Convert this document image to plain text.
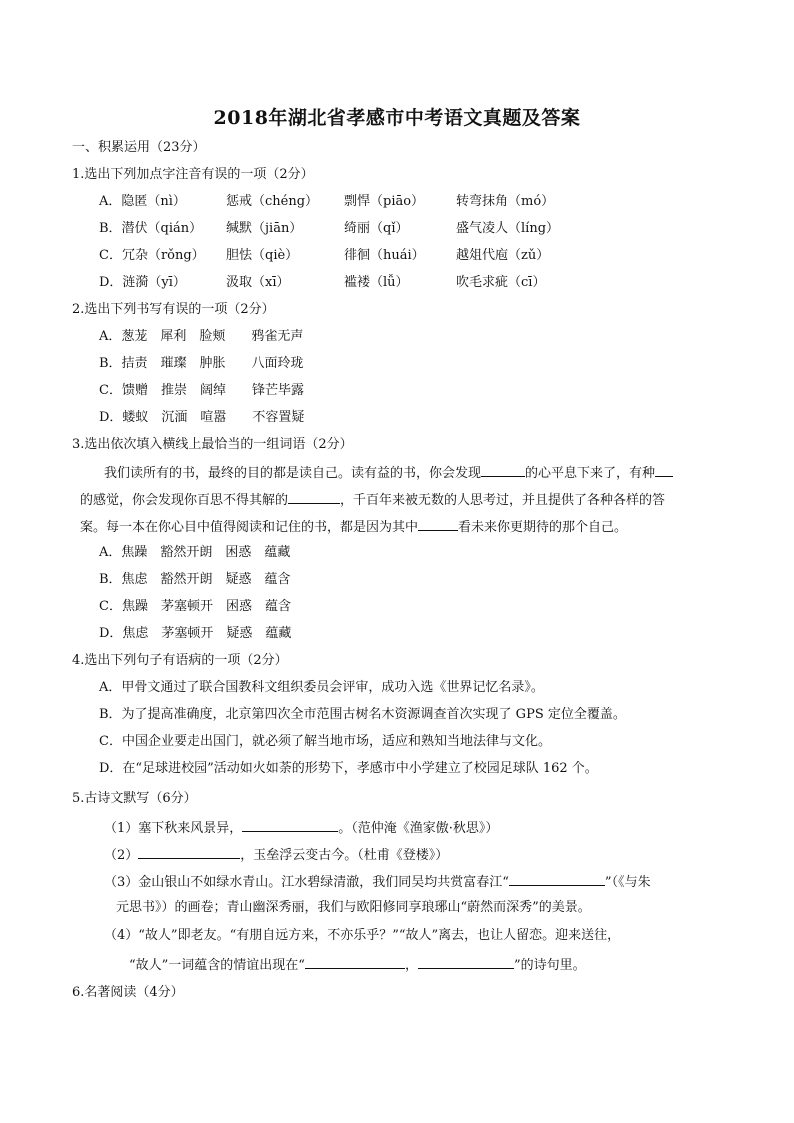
2018年湖北省孝感市中考语文真题及答案
一、积累运用（23分）
1.选出下列加点字注音有误的一项（2分）
A．隐匿（nì）	惩戒（chéng） 剽悍（piāo） 转弯抹角（mó）
B．潜伏（qián） 缄默（jiān）	绮丽（qǐ）	盛气凌人（líng）
C．冗杂（rǒng） 胆怯（qiè）	徘徊（huái） 越俎代庖（zǔ）
D．涟漪（yī）	汲取（xī）	褴褛（lǚ）	吹毛求疵（cī）
2.选出下列书写有误的一项（2分）
A．葱茏　犀利　脸颊　　鸦雀无声
B．拮责　璀璨　肿胀　　八面玲珑
C．馈赠　推崇　阔绰　　锋芒毕露
D．蝼蚁　沉湎　喧嚣　　不容置疑
3.选出依次填入横线上最恰当的一组词语（2分）
我们读所有的书，最终的目的都是读自己。读有益的书，你会发现	的心平息下来了，有种
的感觉，你会发现你百思不得其解的	，千百年来被无数的人思考过，并且提供了各种各样的答
案。每一本在你心目中值得阅读和记住的书，都是因为其中	看未来你更期待的那个自己。
A．焦躁　豁然开朗　困惑　蕴藏
B．焦虑　豁然开朗　疑惑　蕴含
C．焦躁　茅塞顿开　困惑　蕴含
D．焦虑　茅塞顿开　疑惑　蕴藏
4.选出下列句子有语病的一项（2分）
A．甲骨文通过了联合国教科文组织委员会评审，成功入选《世界记忆名录》。
B．为了提高准确度，北京第四次全市范围古树名木资源调查首次实现了 GPS 定位全覆盖。
C．中国企业要走出国门，就必须了解当地市场，适应和熟知当地法律与文化。
D．在“足球进校园”活动如火如荼的形势下，孝感市中小学建立了校园足球队 162 个。
5.古诗文默写（6分）
（1）塞下秋来风景异，	。（范仲淹《渔家傲·秋思》）
（2）	，玉垒浮云变古今。（杜甫《登楼》）
（3）金山银山不如绿水青山。江水碧绿清澈，我们同吴均共赏富春江“	”（《与朱
元思书》）的画卷；青山幽深秀丽，我们与欧阳修同享琅琊山“蔚然而深秀”的美景。
（4）“故人”即老友。“有朋自远方来，不亦乐乎？”“故人”离去，也让人留恋。迎来送往，
“故人”一词蕴含的情谊出现在“	，	”的诗句里。
6.名著阅读（4分）
